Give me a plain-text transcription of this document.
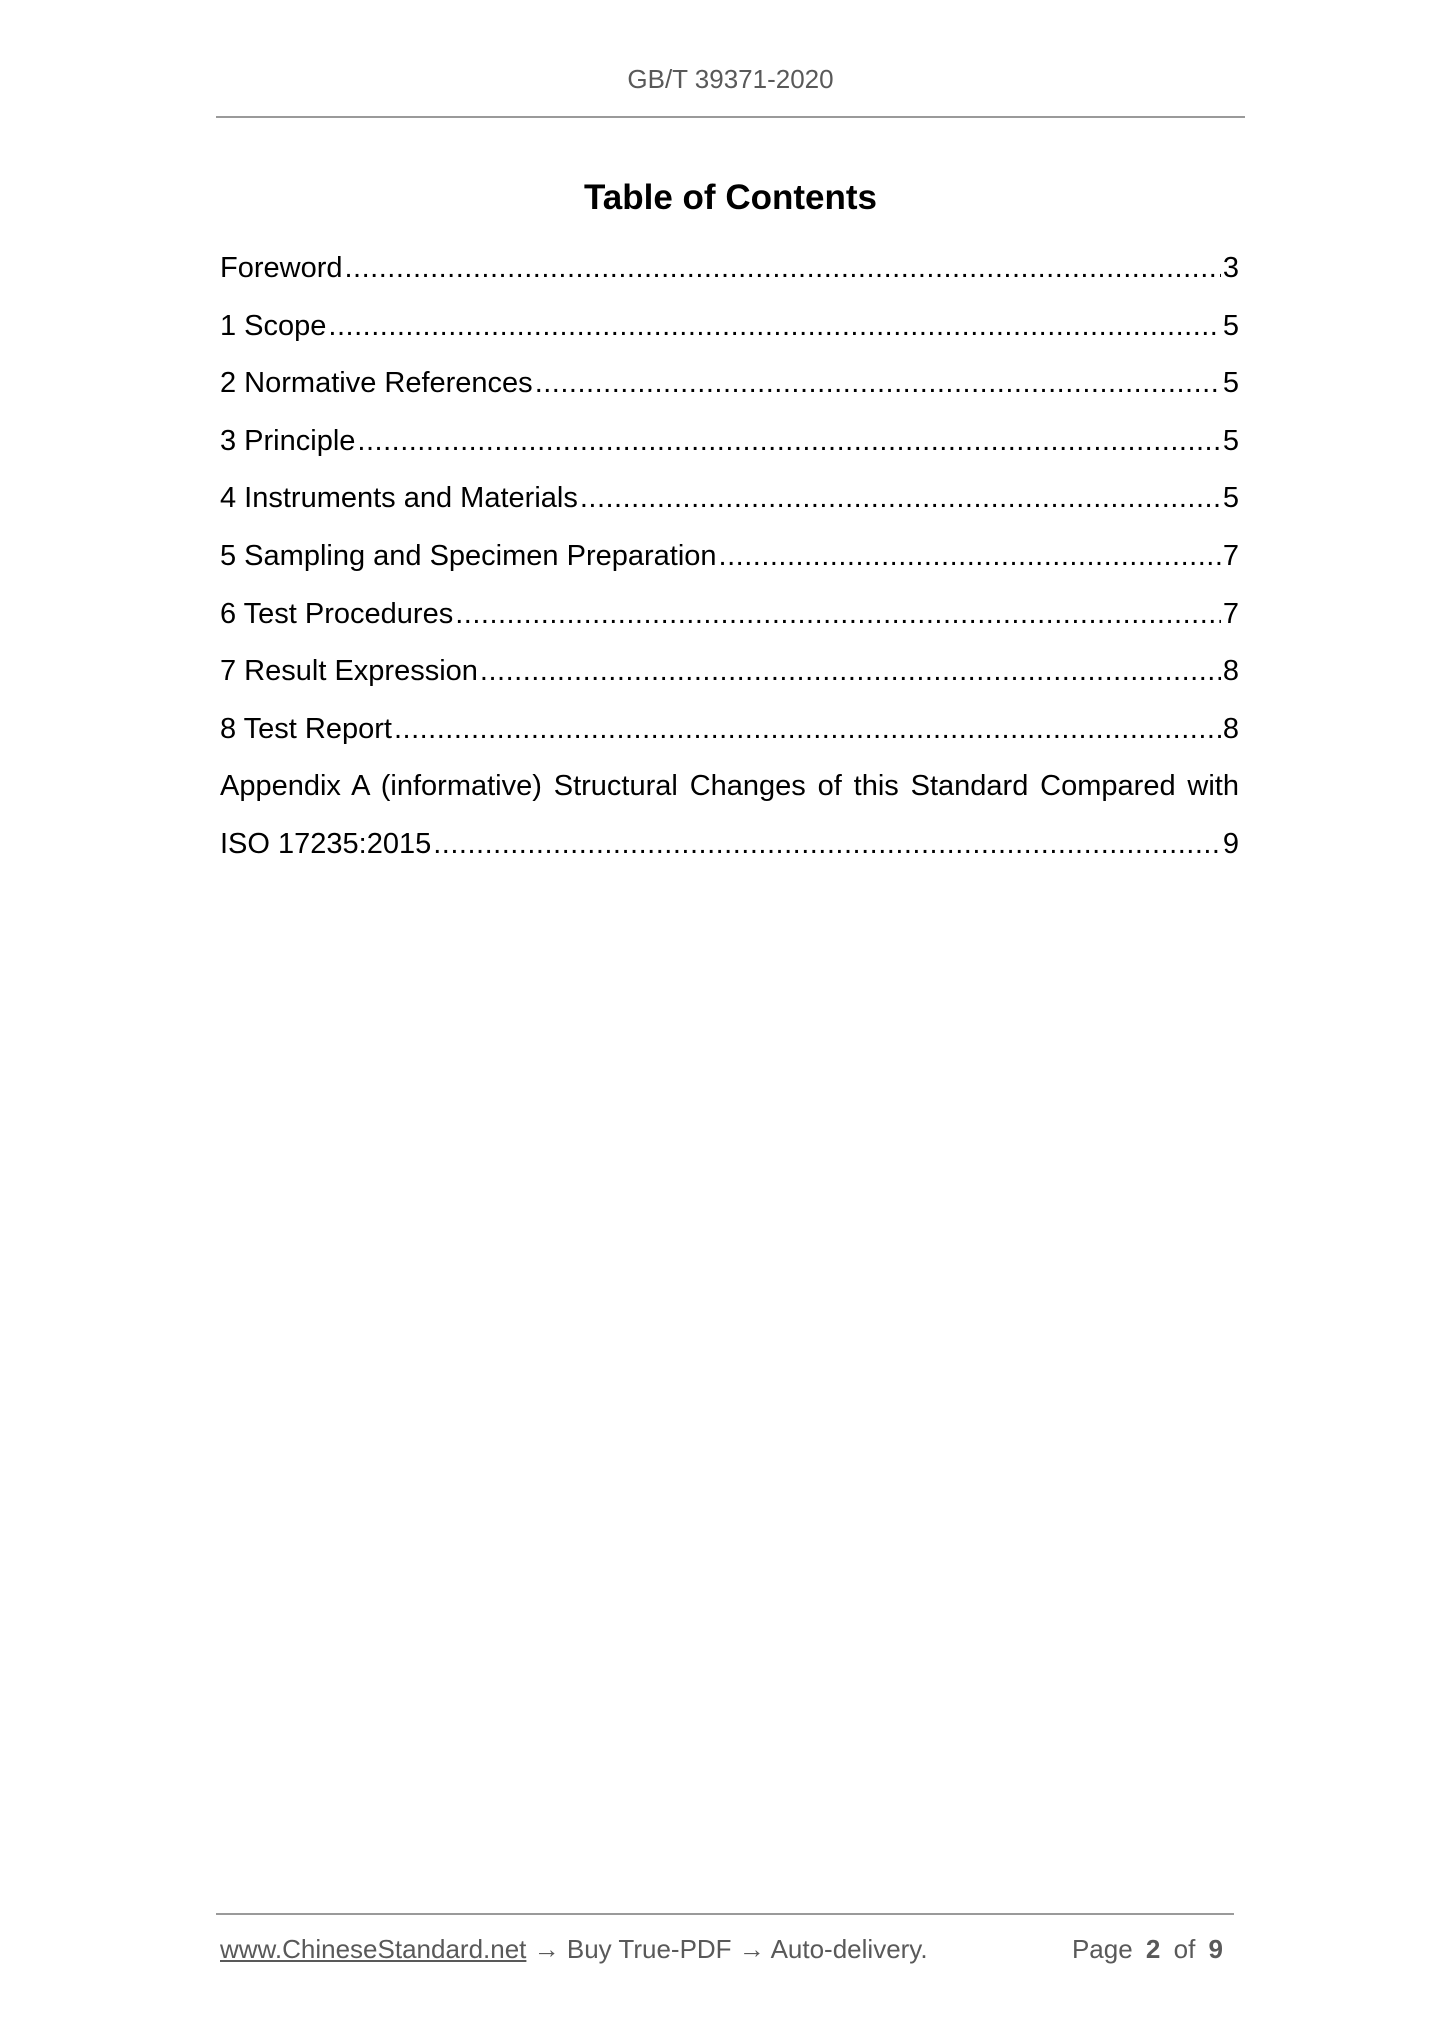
GB/T 39371-2020
Table of Contents
Foreword .....	3
1 Scope .....	5
2 Normative References .....	5
3 Principle .....	5
4 Instruments and Materials .....	5
5 Sampling and Specimen Preparation .....	7
6 Test Procedures .....	7
7 Result Expression .....	8
8 Test Report .....	8
Appendix A (informative) Structural Changes of this Standard Compared with
ISO 17235:2015 .....	9
www.ChineseStandard.net → Buy True-PDF → Auto-delivery.	Page 2 of 9
